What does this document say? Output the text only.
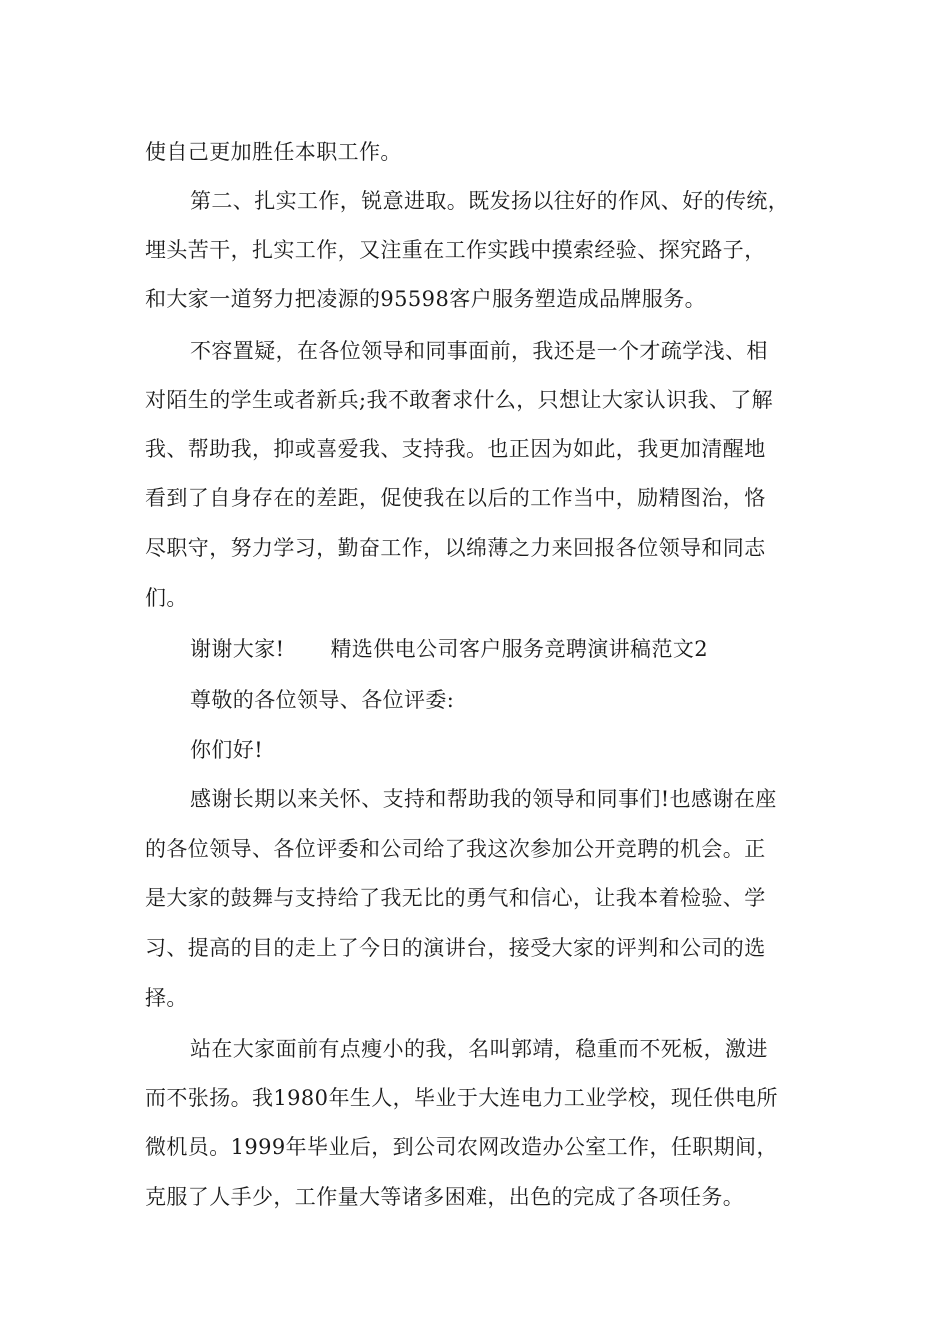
使自己更加胜任本职工作。
第二、扎实工作，锐意进取。既发扬以往好的作风、好的传统，
埋头苦干，扎实工作，又注重在工作实践中摸索经验、探究路子，
和大家一道努力把凌源的95598客户服务塑造成品牌服务。
不容置疑，在各位领导和同事面前，我还是一个才疏学浅、相
对陌生的学生或者新兵;我不敢奢求什么，只想让大家认识我、了解
我、帮助我，抑或喜爱我、支持我。也正因为如此，我更加清醒地
看到了自身存在的差距，促使我在以后的工作当中，励精图治，恪
尽职守，努力学习，勤奋工作，以绵薄之力来回报各位领导和同志
们。
谢谢大家! 精选供电公司客户服务竞聘演讲稿范文2
尊敬的各位领导、各位评委:
你们好!
感谢长期以来关怀、支持和帮助我的领导和同事们!也感谢在座
的各位领导、各位评委和公司给了我这次参加公开竞聘的机会。正
是大家的鼓舞与支持给了我无比的勇气和信心，让我本着检验、学
习、提高的目的走上了今日的演讲台，接受大家的评判和公司的选
择。
站在大家面前有点瘦小的我，名叫郭靖，稳重而不死板，激进
而不张扬。我1980年生人，毕业于大连电力工业学校，现任供电所
微机员。1999年毕业后，到公司农网改造办公室工作，任职期间，
克服了人手少，工作量大等诸多困难，出色的完成了各项任务。
